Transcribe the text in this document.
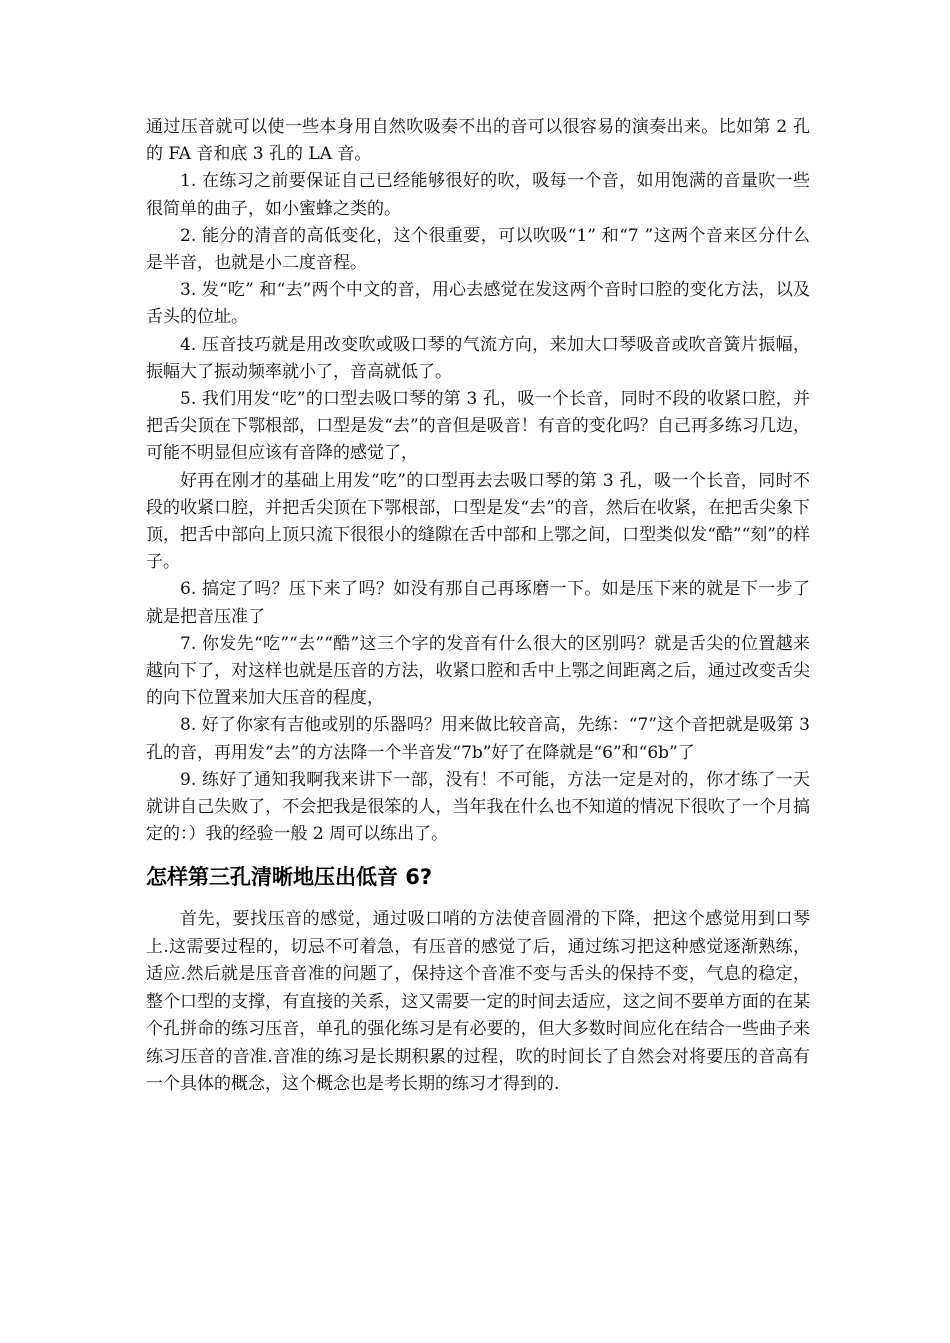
通过压音就可以使一些本身用自然吹吸奏不出的音可以很容易的演奏出来。比如第 2 孔的 FA 音和底 3 孔的 LA 音。

1. 在练习之前要保证自己已经能够很好的吹，吸每一个音，如用饱满的音量吹一些很简单的曲子，如小蜜蜂之类的。

2. 能分的清音的高低变化，这个很重要，可以吹吸“1” 和“7 ”这两个音来区分什么是半音，也就是小二度音程。

3. 发“吃” 和“去”两个中文的音，用心去感觉在发这两个音时口腔的变化方法，以及舌头的位址。

4. 压音技巧就是用改变吹或吸口琴的气流方向，来加大口琴吸音或吹音簧片振幅，振幅大了振动频率就小了，音高就低了。

5. 我们用发“吃”的口型去吸口琴的第 3 孔，吸一个长音，同时不段的收紧口腔，并把舌尖顶在下鄂根部，口型是发“去”的音但是吸音！有音的变化吗？自己再多练习几边，可能不明显但应该有音降的感觉了，

好再在刚才的基础上用发“吃”的口型再去去吸口琴的第 3 孔，吸一个长音，同时不段的收紧口腔，并把舌尖顶在下鄂根部，口型是发“去”的音，然后在收紧，在把舌尖象下顶，把舌中部向上顶只流下很很小的缝隙在舌中部和上鄂之间，口型类似发“酷”“刻”的样子。

6. 搞定了吗？压下来了吗？如没有那自己再琢磨一下。如是压下来的就是下一步了就是把音压准了

7. 你发先“吃”“去”“酷”这三个字的发音有什么很大的区别吗？就是舌尖的位置越来越向下了，对这样也就是压音的方法，收紧口腔和舌中上鄂之间距离之后，通过改变舌尖的向下位置来加大压音的程度，

8. 好了你家有吉他或别的乐器吗？用来做比较音高，先练：“7”这个音把就是吸第 3 孔的音，再用发“去”的方法降一个半音发“7b”好了在降就是“6”和“6b”了

9. 练好了通知我啊我来讲下一部，没有！不可能，方法一定是对的，你才练了一天就讲自己失败了，不会把我是很笨的人，当年我在什么也不知道的情况下很吹了一个月搞定的：）我的经验一般 2 周可以练出了。

怎样第三孔清晰地压出低音 6?

首先，要找压音的感觉，通过吸口哨的方法使音圆滑的下降，把这个感觉用到口琴上.这需要过程的，切忌不可着急，有压音的感觉了后，通过练习把这种感觉逐渐熟练，适应.然后就是压音音准的问题了，保持这个音准不变与舌头的保持不变，气息的稳定，整个口型的支撑，有直接的关系，这又需要一定的时间去适应，这之间不要单方面的在某个孔拼命的练习压音，单孔的强化练习是有必要的，但大多数时间应化在结合一些曲子来练习压音的音准.音准的练习是长期积累的过程，吹的时间长了自然会对将要压的音高有一个具体的概念，这个概念也是考长期的练习才得到的.
